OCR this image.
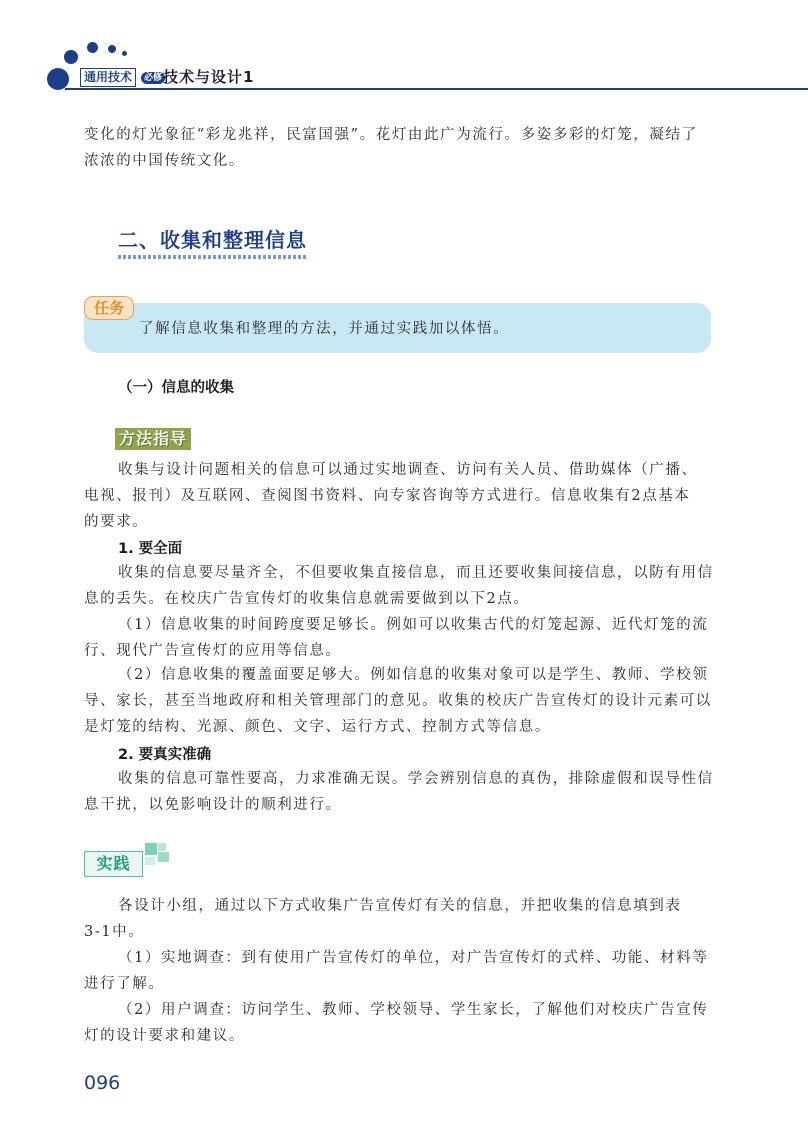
通用技术	必修 技术与设计1

变化的灯光象征“彩龙兆祥，民富国强”。花灯由此广为流行。多姿多彩的灯笼，凝结了

浓浓的中国传统文化。

二、收集和整理信息
任务
了解信息收集和整理的方法，并通过实践加以体悟。
（一）信息的收集
方法指导

收集与设计问题相关的信息可以通过实地调查、访问有关人员、借助媒体（广播、

电视、报刊）及互联网、查阅图书资料、向专家咨询等方式进行。信息收集有2点基本

的要求。

1. 要全面

收集的信息要尽量齐全，不但要收集直接信息，而且还要收集间接信息，以防有用信

息的丢失。在校庆广告宣传灯的收集信息就需要做到以下2点。

（1）信息收集的时间跨度要足够长。例如可以收集古代的灯笼起源、近代灯笼的流

行、现代广告宣传灯的应用等信息。

（2）信息收集的覆盖面要足够大。例如信息的收集对象可以是学生、教师、学校领

导、家长，甚至当地政府和相关管理部门的意见。收集的校庆广告宣传灯的设计元素可以

是灯笼的结构、光源、颜色、文字、运行方式、控制方式等信息。

2. 要真实准确

收集的信息可靠性要高，力求准确无误。学会辨别信息的真伪，排除虚假和误导性信

息干扰，以免影响设计的顺利进行。

实践

各设计小组，通过以下方式收集广告宣传灯有关的信息，并把收集的信息填到表

3-1中。

（1）实地调查：到有使用广告宣传灯的单位，对广告宣传灯的式样、功能、材料等

进行了解。

（2）用户调查：访问学生、教师、学校领导、学生家长，了解他们对校庆广告宣传

灯的设计要求和建议。

096
